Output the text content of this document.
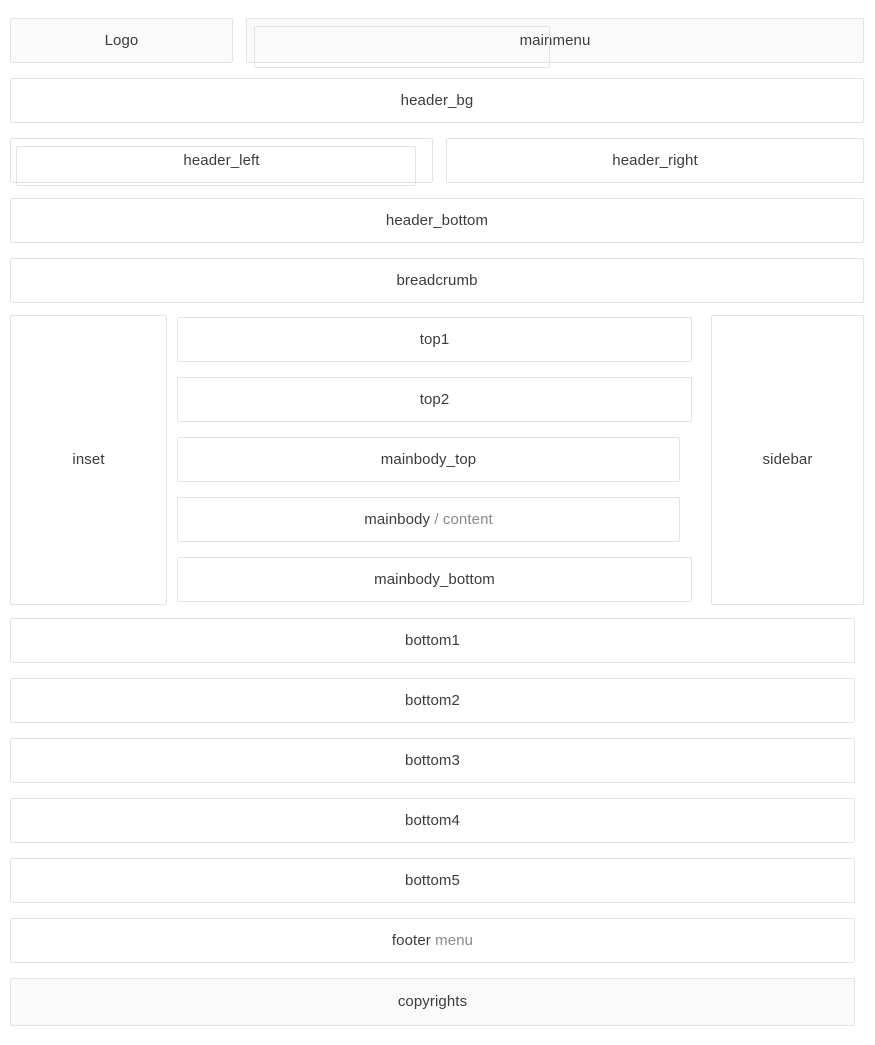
Logo	mainmenu
header_bg
header_left	header_right
header_bottom
breadcrumb
inset
top1
top2
mainbody_top
mainbody / content
mainbody_bottom
sidebar
bottom1
bottom2
bottom3
bottom4
bottom5
footer menu
copyrights
